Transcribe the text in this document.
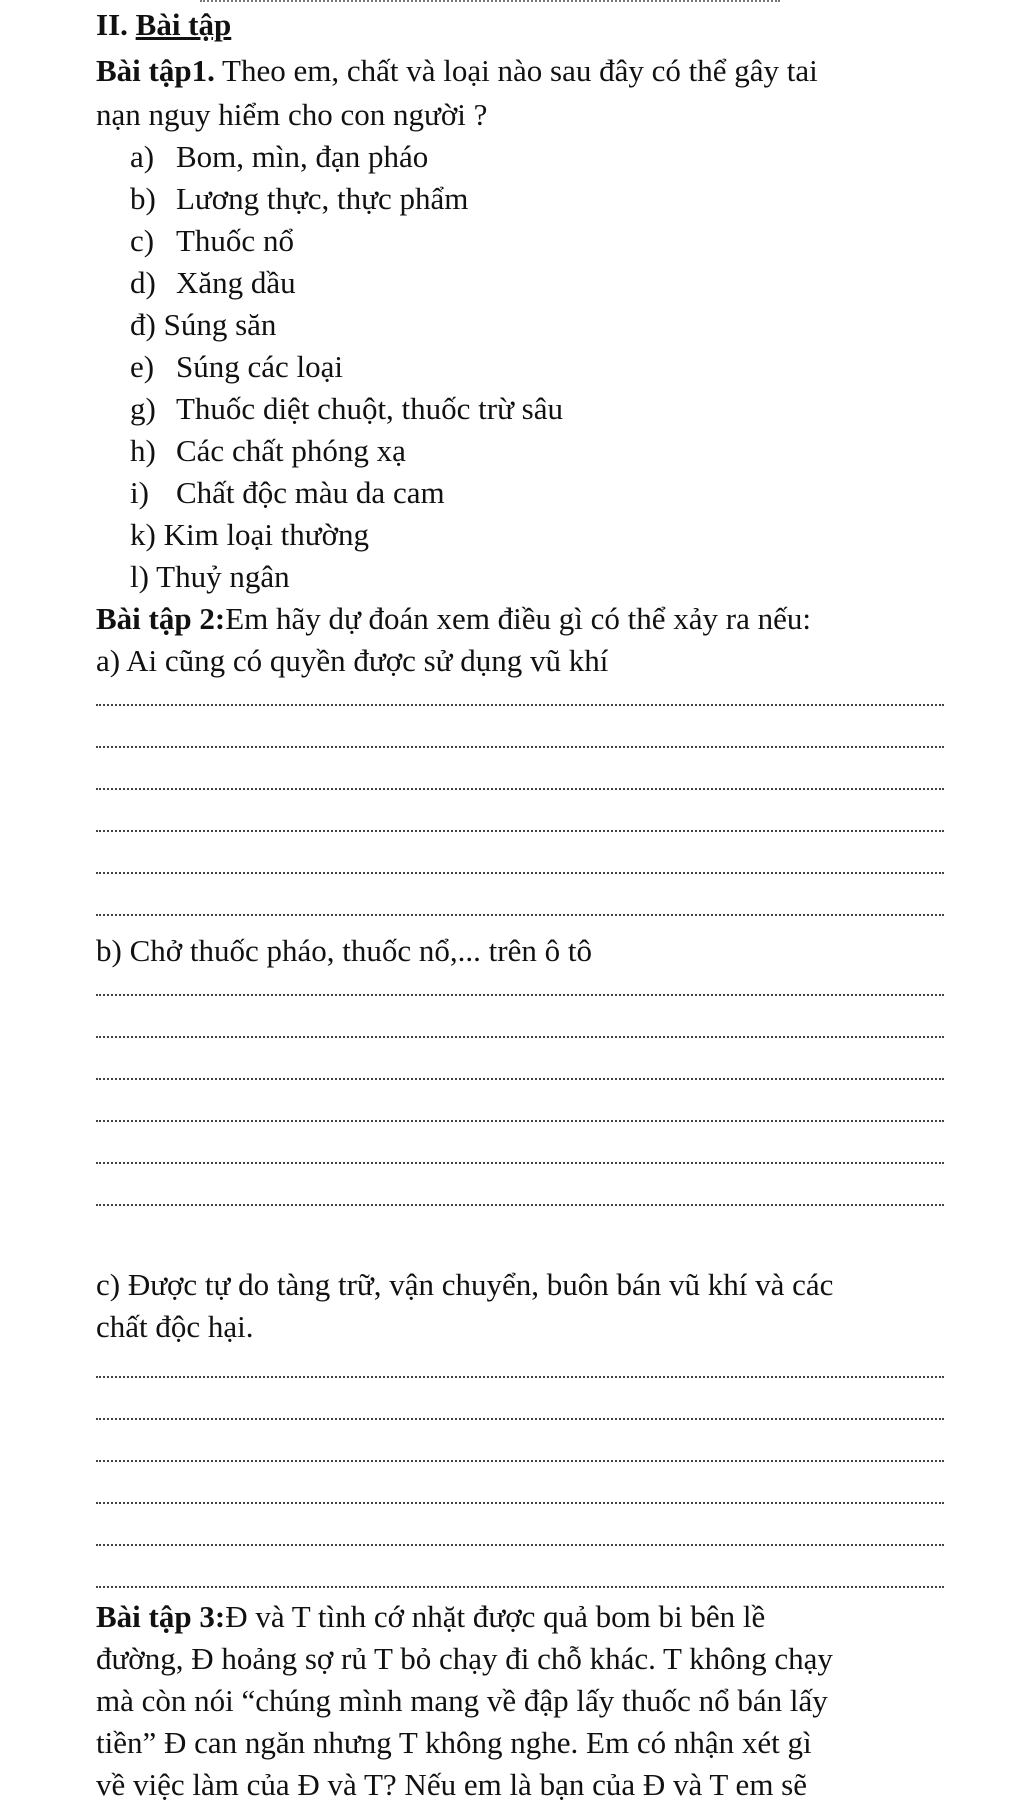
II. Bài tập
Bài tập1. Theo em, chất và loại nào sau đây có thể gây tai
nạn nguy hiểm cho con người ?
a) Bom, mìn, đạn pháo
b) Lương thực, thực phẩm
c) Thuốc nổ
d) Xăng dầu
đ) Súng săn
e) Súng các loại
g) Thuốc diệt chuột, thuốc trừ sâu
h) Các chất phóng xạ
i) Chất độc màu da cam
k) Kim loại thường
l) Thuỷ ngân
Bài tập 2:Em hãy dự đoán xem điều gì có thể xảy ra nếu:
a) Ai cũng có quyền được sử dụng vũ khí
b) Chở thuốc pháo, thuốc nổ,... trên ô tô
c) Được tự do tàng trữ, vận chuyển, buôn bán vũ khí và các
chất độc hại.
Bài tập 3:Đ và T tình cớ nhặt được quả bom bi bên lề
đường, Đ hoảng sợ rủ T bỏ chạy đi chỗ khác. T không chạy
mà còn nói “chúng mình mang về đập lấy thuốc nổ bán lấy
tiền” Đ can ngăn nhưng T không nghe. Em có nhận xét gì
về việc làm của Đ và T? Nếu em là bạn của Đ và T em sẽ
